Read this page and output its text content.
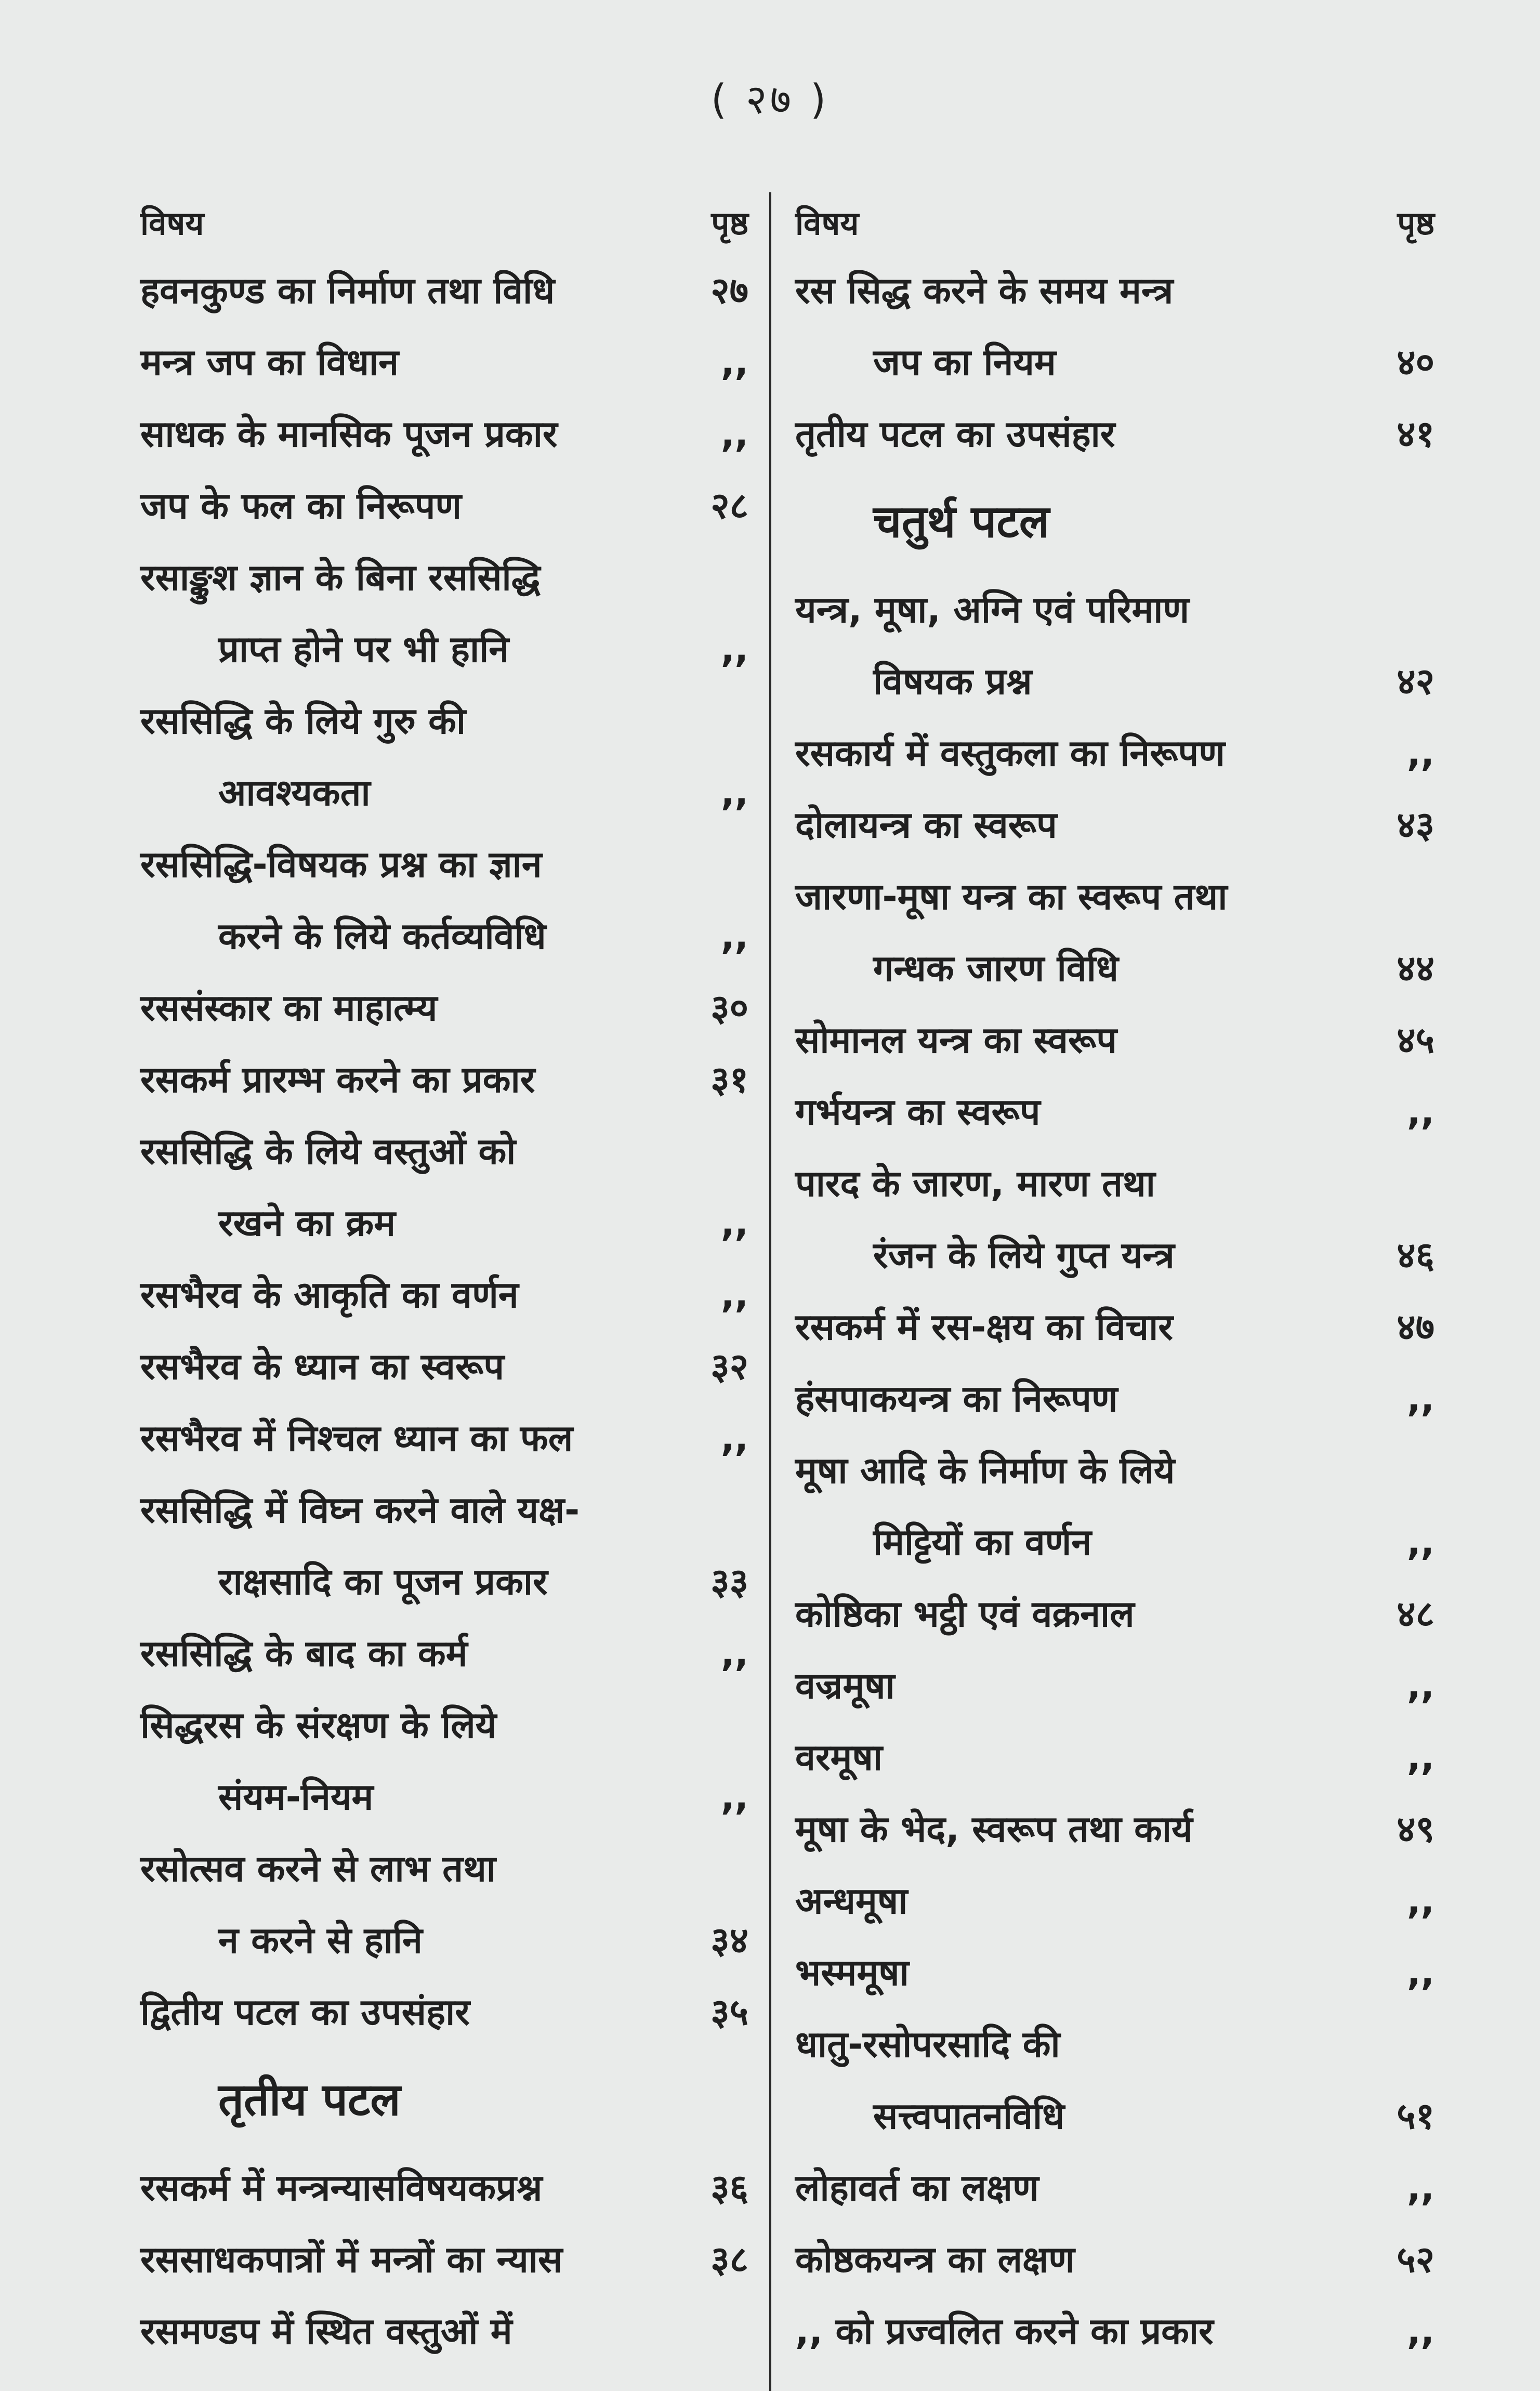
( २७ )
विषय	पृष्ठ
हवनकुण्ड का निर्माण तथा विधि	२७
मन्त्र जप का विधान	,,
साधक के मानसिक पूजन प्रकार	,,
जप के फल का निरूपण	२८
रसाङ्कुश ज्ञान के बिना रससिद्धि
प्राप्त होने पर भी हानि	,,
रससिद्धि के लिये गुरु की
आवश्यकता	,,
रससिद्धि-विषयक प्रश्न का ज्ञान
करने के लिये कर्तव्यविधि	,,
रससंस्कार का माहात्म्य	३०
रसकर्म प्रारम्भ करने का प्रकार	३१
रससिद्धि के लिये वस्तुओं को
रखने का क्रम	,,
रसभैरव के आकृति का वर्णन	,,
रसभैरव के ध्यान का स्वरूप	३२
रसभैरव में निश्चल ध्यान का फल	,,
रससिद्धि में विघ्न करने वाले यक्ष-
राक्षसादि का पूजन प्रकार	३३
रससिद्धि के बाद का कर्म	,,
सिद्धरस के संरक्षण के लिये
संयम-नियम	,,
रसोत्सव करने से लाभ तथा
न करने से हानि	३४
द्वितीय पटल का उपसंहार	३५
तृतीय पटल
रसकर्म में मन्त्रन्यासविषयकप्रश्न	३६
रससाधकपात्रों में मन्त्रों का न्यास	३८
रसमण्डप में स्थित वस्तुओं में
विषय	पृष्ठ
रस सिद्ध करने के समय मन्त्र
जप का नियम	४०
तृतीय पटल का उपसंहार	४१
चतुर्थ पटल
यन्त्र, मूषा, अग्नि एवं परिमाण
विषयक प्रश्न	४२
रसकार्य में वस्तुकला का निरूपण	,,
दोलायन्त्र का स्वरूप	४३
जारणा-मूषा यन्त्र का स्वरूप तथा
गन्धक जारण विधि	४४
सोमानल यन्त्र का स्वरूप	४५
गर्भयन्त्र का स्वरूप	,,
पारद के जारण, मारण तथा
रंजन के लिये गुप्त यन्त्र	४६
रसकर्म में रस-क्षय का विचार	४७
हंसपाकयन्त्र का निरूपण	,,
मूषा आदि के निर्माण के लिये
मिट्टियों का वर्णन	,,
कोष्ठिका भट्ठी एवं वक्रनाल	४८
वज्रमूषा	,,
वरमूषा	,,
मूषा के भेद, स्वरूप तथा कार्य	४९
अन्धमूषा	,,
भस्ममूषा	,,
धातु-रसोपरसादि की
सत्त्वपातनविधि	५१
लोहावर्त का लक्षण	,,
कोष्ठकयन्त्र का लक्षण	५२
,, को प्रज्वलित करने का प्रकार	,,
